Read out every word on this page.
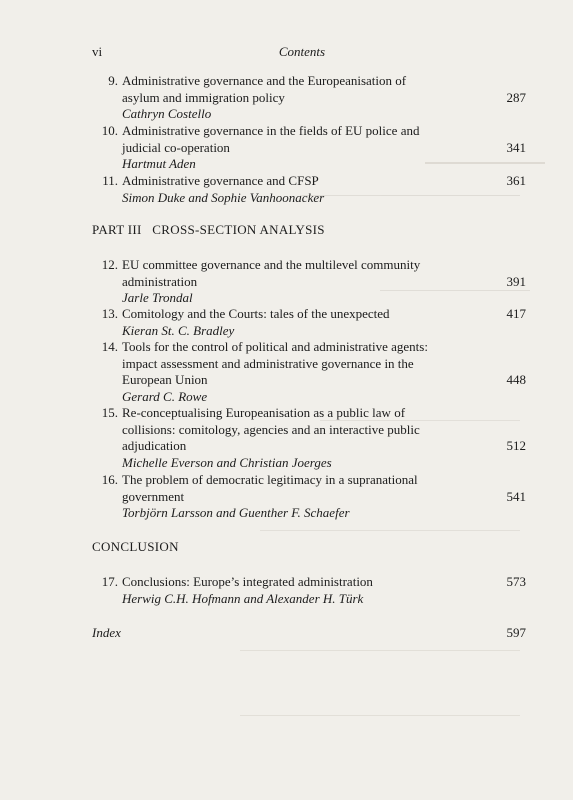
vi	Contents
9. Administrative governance and the Europeanisation of
asylum and immigration policy
Cathryn Costello
287
10. Administrative governance in the fields of EU police and
judicial co-operation
Hartmut Aden
341
11. Administrative governance and CFSP
Simon Duke and Sophie Vanhoonacker
361
PART III   CROSS-SECTION ANALYSIS
12. EU committee governance and the multilevel community
administration
Jarle Trondal
391
13. Comitology and the Courts: tales of the unexpected
Kieran St. C. Bradley
417
14. Tools for the control of political and administrative agents:
impact assessment and administrative governance in the
European Union
Gerard C. Rowe
448
15. Re-conceptualising Europeanisation as a public law of
collisions: comitology, agencies and an interactive public
adjudication
Michelle Everson and Christian Joerges
512
16. The problem of democratic legitimacy in a supranational
government
Torbjörn Larsson and Guenther F. Schaefer
541
CONCLUSION
17. Conclusions: Europe’s integrated administration
Herwig C.H. Hofmann and Alexander H. Türk
573
Index	597
